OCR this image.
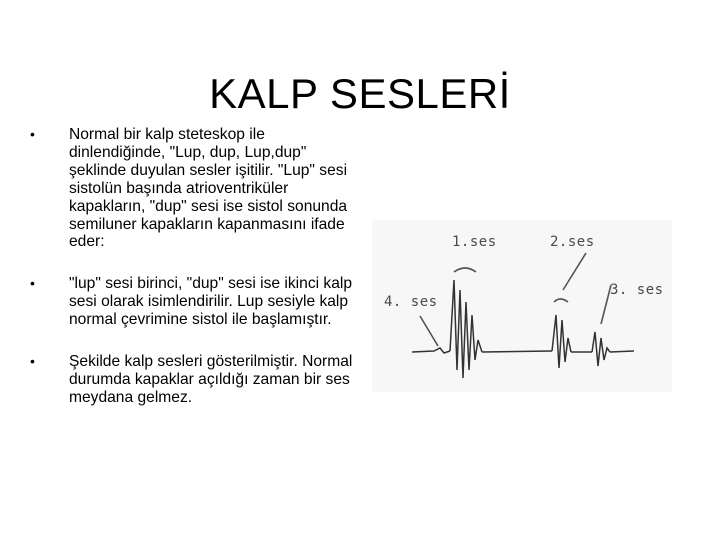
KALP SESLERİ
• Normal bir kalp steteskop ile dinlendiğinde, "Lup, dup, Lup,dup" şeklinde duyulan sesler işitilir. "Lup" sesi sistolün başında atrioventriküler kapakların, "dup" sesi ise sistol sonunda semiluner kapakların kapanmasını ifade eder:
• "lup" sesi birinci, "dup" sesi ise ikinci kalp sesi olarak isimlendirilir. Lup sesiyle kalp normal çevrimine sistol ile başlamıştır.
• Şekilde kalp sesleri gösterilmiştir. Normal durumda kapaklar açıldığı zaman bir ses meydana gelmez.
1.ses	2.ses
3. ses
4. ses
